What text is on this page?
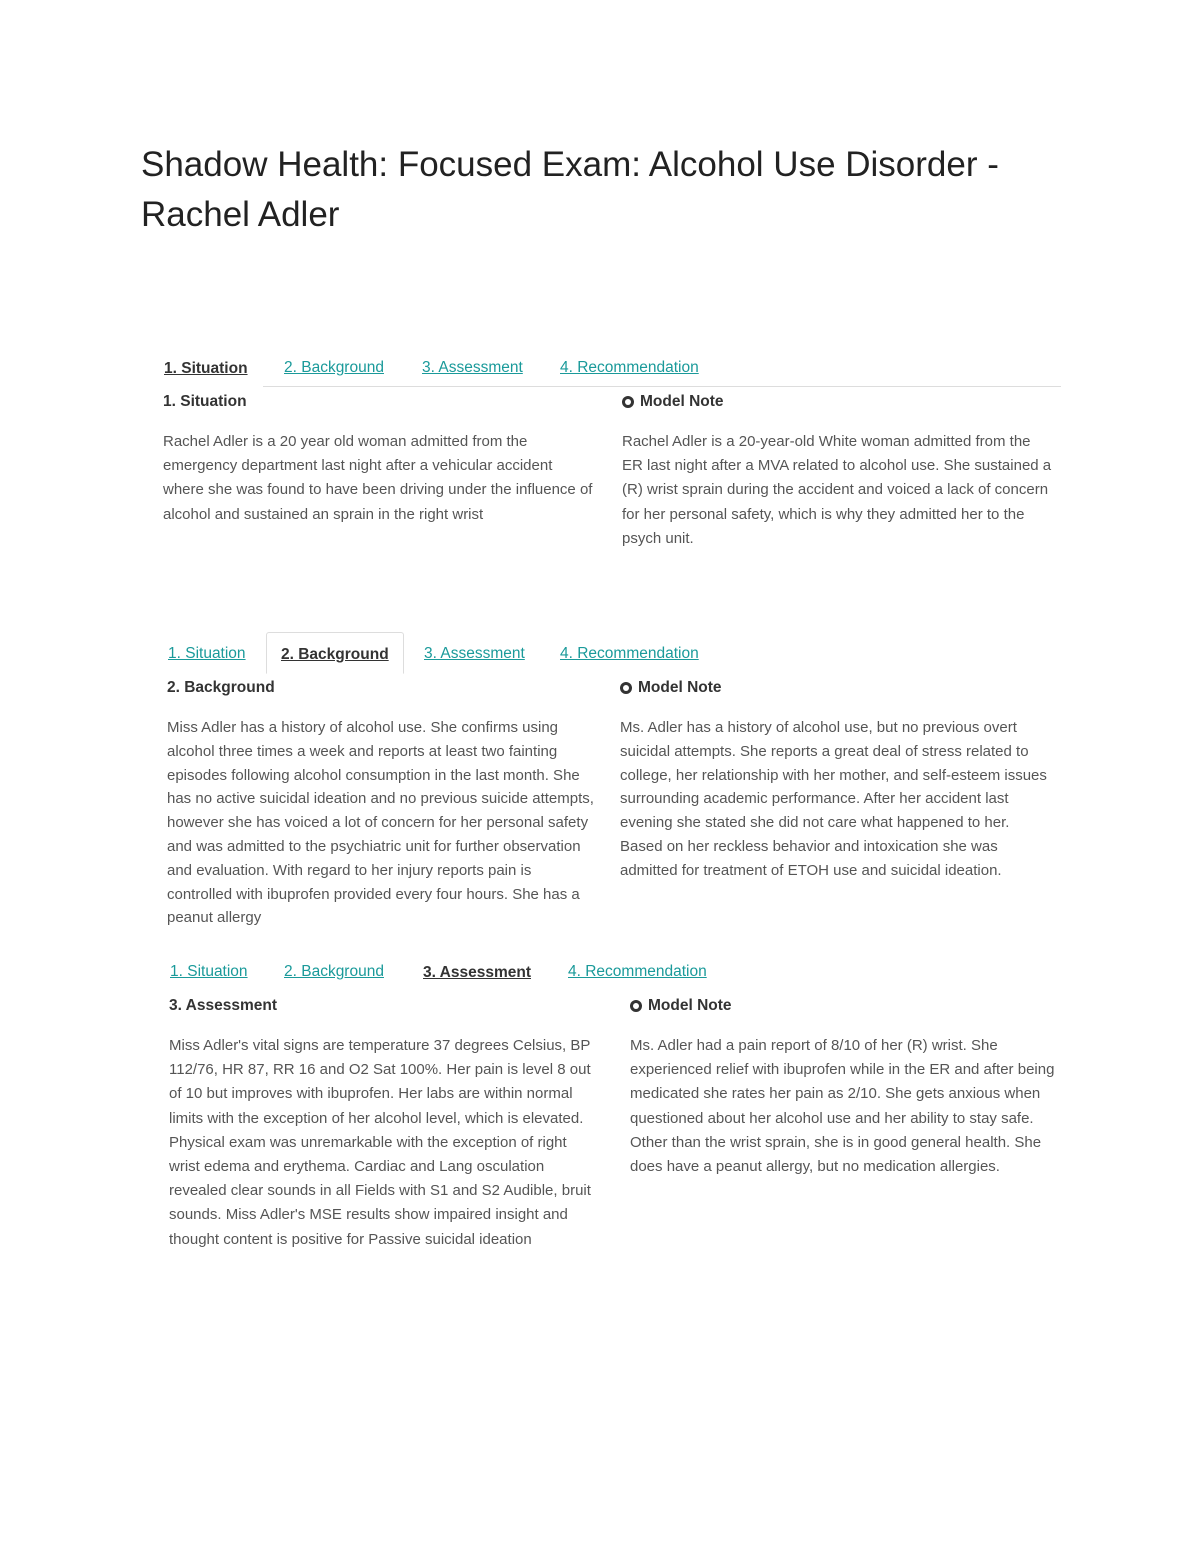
Shadow Health: Focused Exam: Alcohol Use Disorder - Rachel Adler
1. Situation	2. Background 3. Assessment 4. Recommendation
1. Situation
Rachel Adler is a 20 year old woman admitted from the emergency department last night after a vehicular accident where she was found to have been driving under the influence of alcohol and sustained an sprain in the right wrist
Model Note
Rachel Adler is a 20-year-old White woman admitted from the ER last night after a MVA related to alcohol use. She sustained a (R) wrist sprain during the accident and voiced a lack of concern for her personal safety, which is why they admitted her to the psych unit.
1. Situation	2. Background	3. Assessment 4. Recommendation
2. Background
Miss Adler has a history of alcohol use. She confirms using alcohol three times a week and reports at least two fainting episodes following alcohol consumption in the last month. She has no active suicidal ideation and no previous suicide attempts, however she has voiced a lot of concern for her personal safety and was admitted to the psychiatric unit for further observation and evaluation. With regard to her injury reports pain is controlled with ibuprofen provided every four hours. She has a peanut allergy
Model Note
Ms. Adler has a history of alcohol use, but no previous overt suicidal attempts. She reports a great deal of stress related to college, her relationship with her mother, and self-esteem issues surrounding academic performance. After her accident last evening she stated she did not care what happened to her. Based on her reckless behavior and intoxication she was admitted for treatment of ETOH use and suicidal ideation.
1. Situation 2. Background	3. Assessment	4. Recommendation
3. Assessment
Miss Adler's vital signs are temperature 37 degrees Celsius, BP 112/76, HR 87, RR 16 and O2 Sat 100%. Her pain is level 8 out of 10 but improves with ibuprofen. Her labs are within normal limits with the exception of her alcohol level, which is elevated. Physical exam was unremarkable with the exception of right wrist edema and erythema. Cardiac and Lang osculation revealed clear sounds in all Fields with S1 and S2 Audible, bruit sounds. Miss Adler's MSE results show impaired insight and thought content is positive for Passive suicidal ideation
Model Note
Ms. Adler had a pain report of 8/10 of her (R) wrist. She experienced relief with ibuprofen while in the ER and after being medicated she rates her pain as 2/10. She gets anxious when questioned about her alcohol use and her ability to stay safe. Other than the wrist sprain, she is in good general health. She does have a peanut allergy, but no medication allergies.
